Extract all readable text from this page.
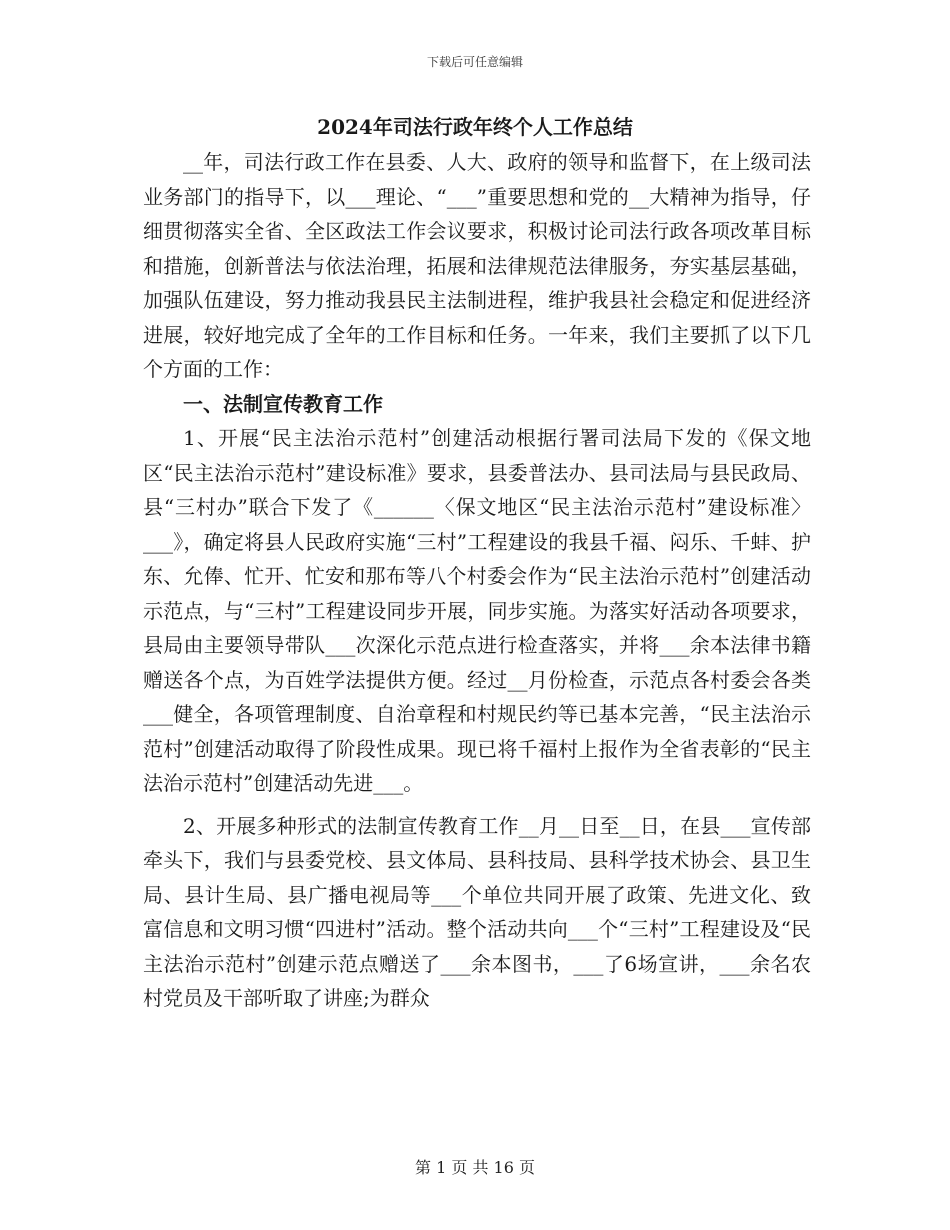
下载后可任意编辑
2024年司法行政年终个人工作总结

__年，司法行政工作在县委、人大、政府的领导和监督下，在上级司法业务部门的指导下，以___理论、“___”重要思想和党的__大精神为指导，仔细贯彻落实全省、全区政法工作会议要求，积极讨论司法行政各项改革目标和措施，创新普法与依法治理，拓展和法律规范法律服务，夯实基层基础，加强队伍建设，努力推动我县民主法制进程，维护我县社会稳定和促进经济进展，较好地完成了全年的工作目标和任务。一年来，我们主要抓了以下几个方面的工作：

一、法制宣传教育工作

1、开展“民主法治示范村”创建活动根据行署司法局下发的《保文地区“民主法治示范村”建设标准》要求，县委普法办、县司法局与县民政局、县“三村办”联合下发了《______〈保文地区“民主法治示范村”建设标准〉___》，确定将县人民政府实施“三村”工程建设的我县千福、闷乐、千蚌、护东、允俸、忙开、忙安和那布等八个村委会作为“民主法治示范村”创建活动示范点，与“三村”工程建设同步开展，同步实施。为落实好活动各项要求，县局由主要领导带队___次深化示范点进行检查落实，并将___余本法律书籍赠送各个点，为百姓学法提供方便。经过__月份检查，示范点各村委会各类___健全，各项管理制度、自治章程和村规民约等已基本完善，“民主法治示范村”创建活动取得了阶段性成果。现已将千福村上报作为全省表彰的“民主法治示范村”创建活动先进___。

2、开展多种形式的法制宣传教育工作__月__日至__日，在县___宣传部牵头下，我们与县委党校、县文体局、县科技局、县科学技术协会、县卫生局、县计生局、县广播电视局等___个单位共同开展了政策、先进文化、致富信息和文明习惯“四进村”活动。整个活动共向___个“三村”工程建设及“民主法治示范村”创建示范点赠送了___余本图书，___了6场宣讲，___余名农村党员及干部听取了讲座;为群众

第 1 页 共 16 页
